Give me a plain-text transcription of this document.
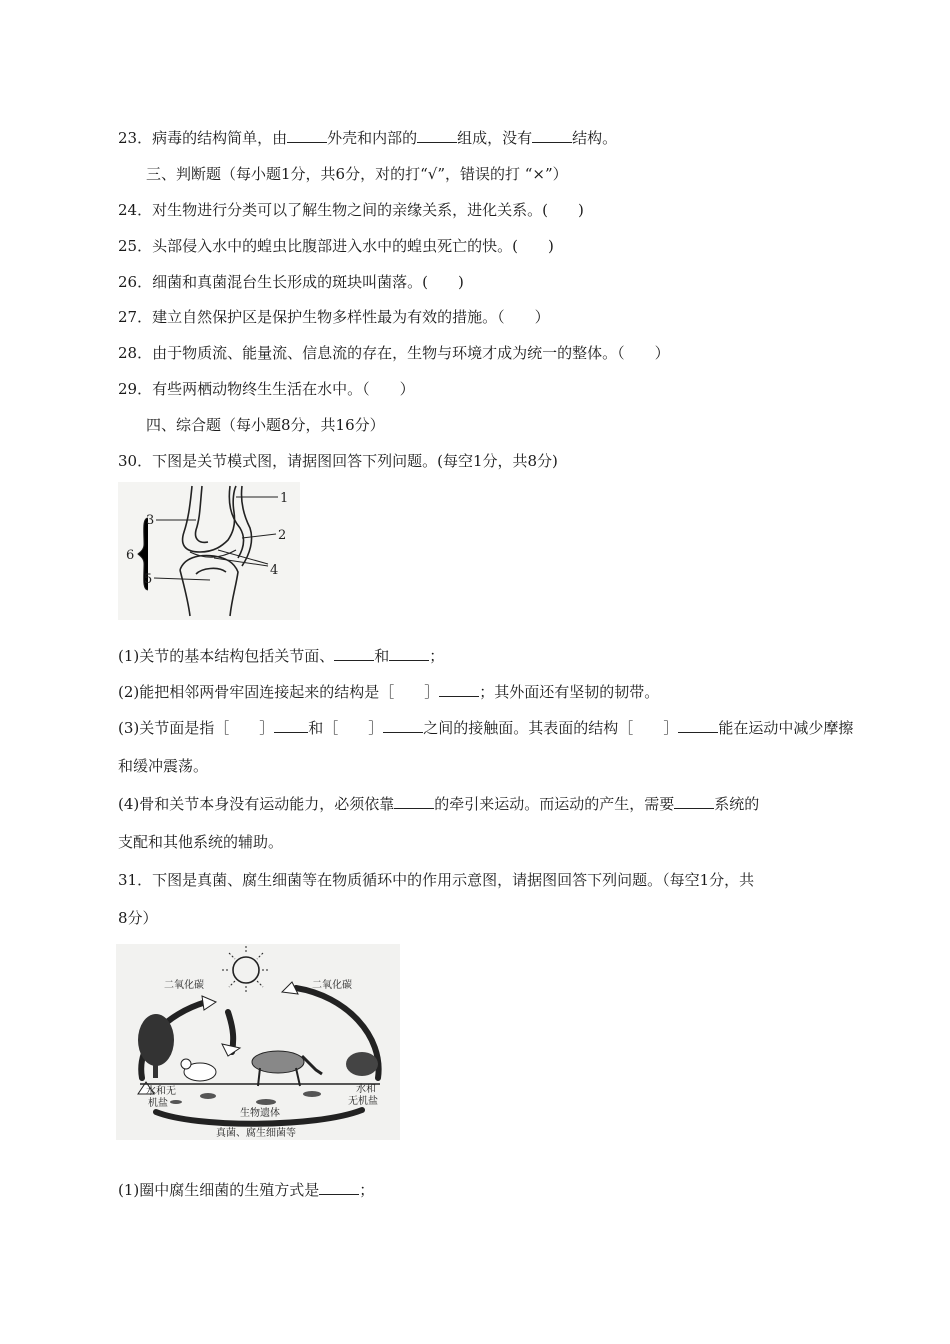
23．病毒的结构简单，由	外壳和内部的	组成，没有	结构。
三、判断题（每小题1分，共6分，对的打“√”，错误的打 “×”）
24．对生物进行分类可以了解生物之间的亲缘关系，进化关系。(　　)
25．头部侵入水中的蝗虫比腹部进入水中的蝗虫死亡的快。(　　)
26．细菌和真菌混台生长形成的斑块叫菌落。(　　)
27．建立自然保护区是保护生物多样性最为有效的措施。（　　）
28．由于物质流、能量流、信息流的存在，生物与环境才成为统一的整体。（　　）
29．有些两栖动物终生生活在水中。（　　）
四、综合题（每小题8分，共16分）
30．下图是关节模式图，请据图回答下列问题。(每空1分，共8分)
1
3
2
4
5
6
(1)关节的基本结构包括关节面、	和	；
(2)能把相邻两骨牢固连接起来的结构是［ ］	；其外面还有坚韧的韧带。
(3)关节面是指［ ］ 和［ ］	之间的接触面。其表面的结构［ ］	能在运动中减少摩擦
和缓冲震荡。
(4)骨和关节本身没有运动能力，必须依靠	的牵引来运动。而运动的产生，需要	系统的
支配和其他系统的辅助。
31．下图是真菌、腐生细菌等在物质循环中的作用示意图，请据图回答下列问题。（每空1分，共
8分）
二氧化碳	二氧化碳
水和无
机盐
水和
无机盐
生物遗体
真菌、腐生细菌等
(1)圈中腐生细菌的生殖方式是	；
